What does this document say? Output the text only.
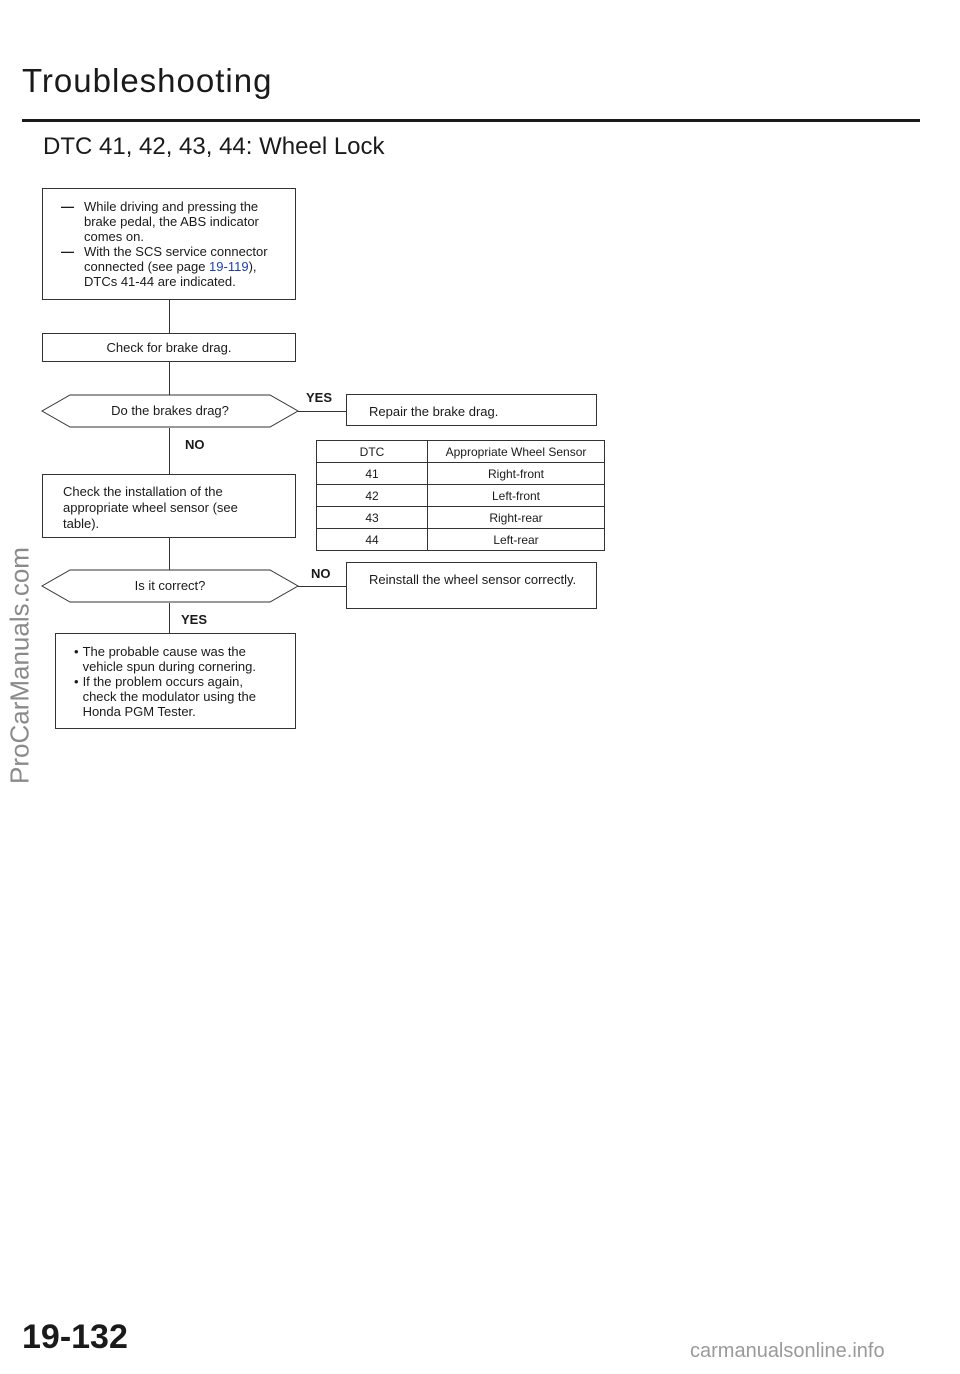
Troubleshooting
DTC 41, 42, 43, 44: Wheel Lock
— While driving and pressing the brake pedal, the ABS indicator comes on.
— With the SCS service connector connected (see page 19-119), DTCs 41-44 are indicated.
Check for brake drag.
Do the brakes drag?
YES
Repair the brake drag.
NO
Check the installation of the appropriate wheel sensor (see table).
DTC	Appropriate Wheel Sensor
41	Right-front
42	Left-front
43	Right-rear
44	Left-rear
Is it correct?
NO	Reinstall the wheel sensor correctly.
YES
• The probable cause was the vehicle spun during cornering.
• If the problem occurs again, check the modulator using the Honda PGM Tester.
ProCarManuals.com
19-132	carmanualsonline.info
